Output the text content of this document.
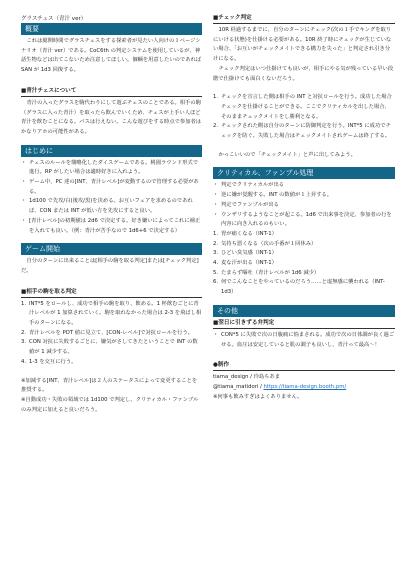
グラスチェス（青汁 ver）

概要

これは臆開時間でグラスチェスをする探索者が見たい人向けの１ページシナリオ（青汁 ver）である。CoC6th の判定システムを使用しているが、神話生物などは出てこないため注意してほしい。個輌を用意したいのであれば SAN が 1d3 回復する。

■青汁チェスについて

青汁の入ったグラスを駒代わりにして遊ぶチェスのことである。相手の駒（グラスに入った青汁）を取ったら飲んでいくため、チェスが上手い人ほど青汁を飲むことになる。バスは行えない。こんな遊びをする時点で参加者はかなりアホの可能性がある。

はじめに
・ チェスのルールを簡略化したダイスゲームである。桃園ラウンド形式で進行。RP がしたい場合は適時好きに入れよう。
・ ゲーム中、PC 達の[INT、青汁レベル]が変動するので管理する必要がある。
・ 1d100 で先攻/白(後攻/黒)を決める。お互いフェアを求めるのであれば、CON または INT が低い方を先攻にすると良い。
・ [青汁レベル]の初期値は 2d6 で決定する。好き嫌いによってこれに補正を入れても良い。（例：青汁が苦手なので 1d6+6 で決定する）
ゲーム開始

自分のターンに出来ることは[相手の駒を取る判定]または[チェック判定]だ。

■相手の駒を取る判定
1. INT*5 をロールし、成功で相手の駒を取り、飲める。1 杯飲むごとに青汁レベルが 1 加算されていく。駒を取れなかった場合は 2-3 を飛ばし相手のターンになる。
2. 青汁レベルを POT 値に見立て、[CON-レベル]で対抗ロールを行う。
3. CON 対抗に失敗するごとに、嫌気がさしてきたということで INT の数値が 1 減少する。
4. 1-3 を交互に行う。

※加減する[INT、青汁レベル]は２人のステータスによって変更することを推奨する。

※自動成功・失敗の領域では 1d100 で判定し、クリティカル・ファンブルのみ判定に加えると良いだろう。

■チェック判定

10R 経過するまでに、自分のターンにチェック(次の１手でキングを取りにいける状態)を仕掛ける必要がある。10R 終了時にチェックが生じていない場合、「お互いがチェックメイトできる構力を失った」と判定され引き分けになる。

チェック判定はいつ仕掛けても良いが、相手にやる気が残っている早い段階で仕掛けても面白くないだろう。

1. チェックを宣言した側は相手の INT と対抗ロールを行う。成功した場合チェックを仕掛けることができる。ここでクリティカルを出した場合、そのままチェックメイトをし勝利となる。
2. チェックされた側は自分のターンに防御判定を行う。INT*5 に成功でチェックを防ぐ。失敗した場合はチェックメイトされゲームは終了する。

かっこいいので「チェックメイト」と声に出してみよう。

クリティカル、ファンブル処理
・ 判定でクリティカルが出る
・ 逆に嫌が覚醒する。INT の数値が１上昇する。
・ 判定でファンブルが出る
・ ウンザリするようなことが起こる。1d6 で出来事を決定、参加者の行を内容に向き入れるのもいい。
1. 胃が痛くなる（INT-1）
2. 気持ち悪くなる（次の手番が１回休み）
3. ひどい臭気感（INT-1）
4. 麦な汗が出る（INT-1）
5. たまらず嘔吐（青汁レベルが 1d6 減少）
6. 何でこんなことをやっているのだろう……と虚無感に襲われる（INT-1d3）
その他
■翌日に引きずる弁判定
・ CON*5 に失敗で次の日腹痛に悩まされる。成功で次の日体調が良く過ごせる。血圧は安定していると肌の調子も良いし、青汁って最高～！
●制作

tiama_design / 玲島ちあま
@tiama_matidori / https://tiama-design.booth.pm/
※何事も飲みすぎはよくありません。
